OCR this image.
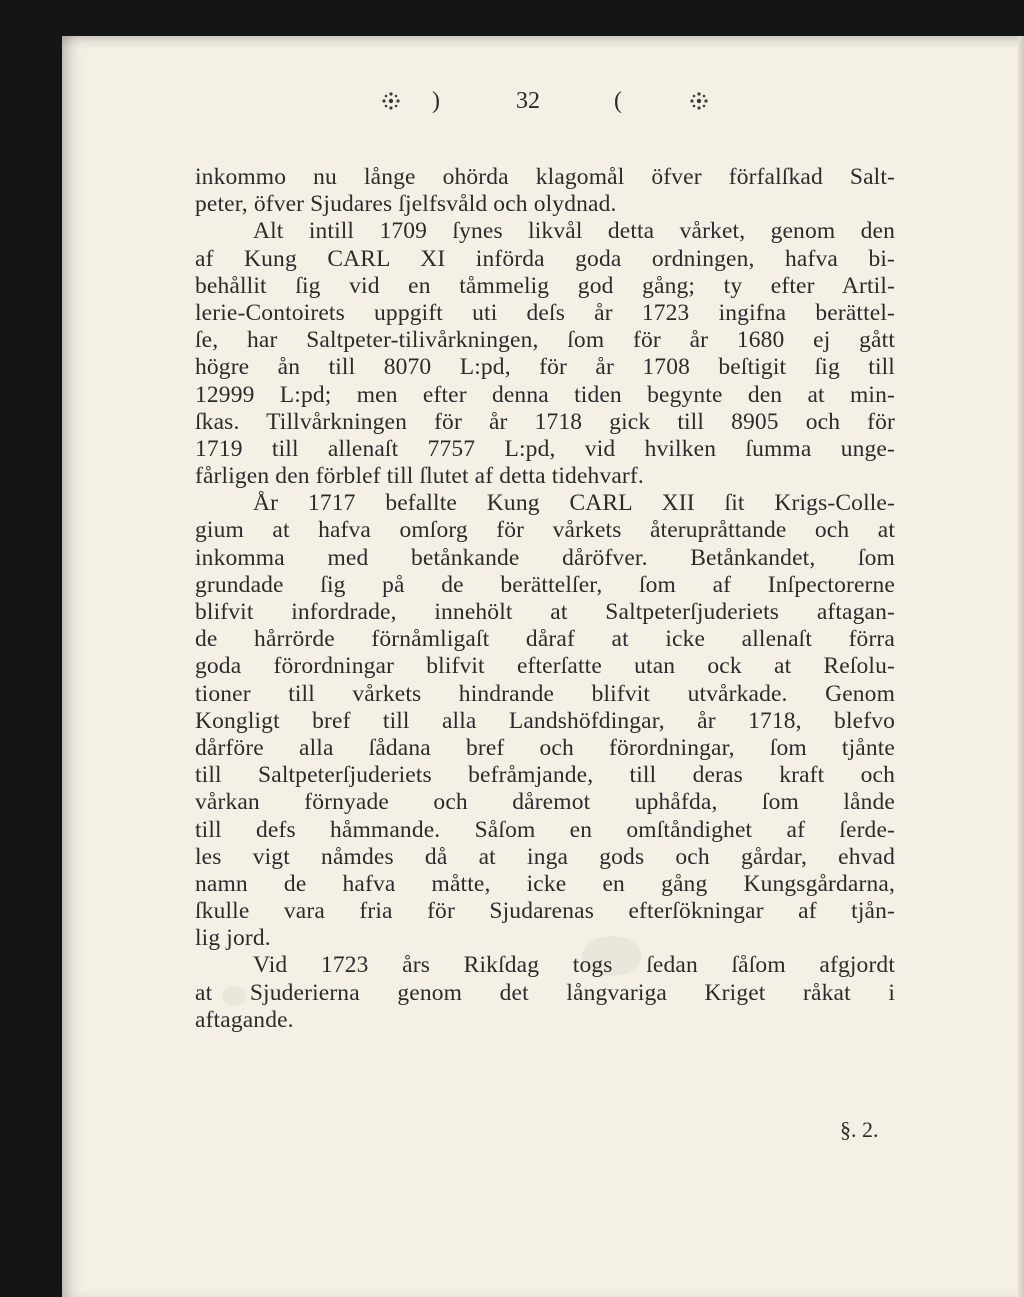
)	32	(
inkommo nu långe ohörda klagomål öfver förfalſkad Salt-
peter, öfver Sjudares ſjelfsvåld och olydnad.
Alt intill 1709 ſynes likvål detta vårket, genom den
af Kung CARL XI införda goda ordningen, hafva bi-
behållit ſig vid en tåmmelig god gång; ty efter Artil-
lerie-Contoirets uppgift uti deſs år 1723 ingifna berättel-
ſe, har Saltpeter-tilivårkningen, ſom för år 1680 ej gått
högre ån till 8070 L:pd, för år 1708 beſtigit ſig till
12999 L:pd; men efter denna tiden begynte den at min-
ſkas. Tillvårkningen för år 1718 gick till 8905 och för
1719 till allenaſt 7757 L:pd, vid hvilken ſumma unge-
fårligen den förblef till ſlutet af detta tidehvarf.
År 1717 befallte Kung CARL XII ſit Krigs-Colle-
gium at hafva omſorg för vårkets återupråttande och at
inkomma med betånkande dåröfver. Betånkandet, ſom
grundade ſig på de berättelſer, ſom af Inſpectorerne
blifvit infordrade, innehölt at Saltpeterſjuderiets aftagan-
de hårrörde förnåmligaſt dåraf at icke allenaſt förra
goda förordningar blifvit efterſatte utan ock at Reſolu-
tioner till vårkets hindrande blifvit utvårkade. Genom
Kongligt bref till alla Landshöfdingar, år 1718, blefvo
dårföre alla ſådana bref och förordningar, ſom tjånte
till Saltpeterſjuderiets befråmjande, till deras kraft och
vårkan förnyade och dåremot uphåfda, ſom lånde
till defs håmmande. Såſom en omſtåndighet af ſerde-
les vigt nåmdes då at inga gods och gårdar, ehvad
namn de hafva måtte, icke en gång Kungsgårdarna,
ſkulle vara fria för Sjudarenas efterſökningar af tjån-
lig jord.
Vid 1723 års Rikſdag togs ſedan ſåſom afgjordt
at Sjuderierna genom det långvariga Kriget råkat i
aftagande.
§. 2.
